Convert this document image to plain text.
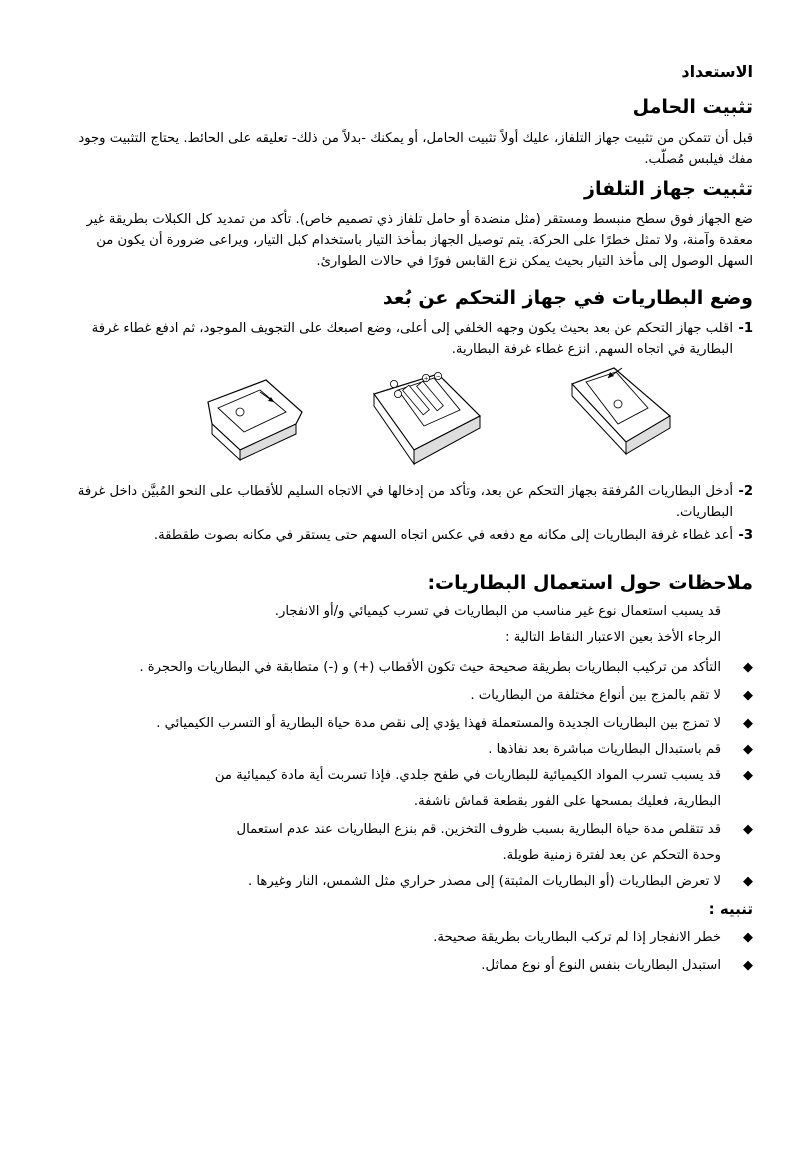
الاستعداد
تثبيت الحامل
قبل أن تتمكن من تثبيت جهاز التلفاز، عليك أولاً تثبيت الحامل، أو يمكنك -بدلاً من ذلك- تعليقه على الحائط. يحتاج التثبيت وجود مفك فيلبس مُصلّب.
تثبيت جهاز التلفاز
ضع الجهاز فوق سطح منبسط ومستقر (مثل منضدة أو حامل تلفاز ذي تصميم خاص). تأكد من تمديد كل الكبلات بطريقة غير
معقدة وآمنة، ولا تمثل خطرًا على الحركة. يتم توصيل الجهاز بمأخذ التيار باستخدام كبل التيار، ويراعى ضرورة أن يكون من
السهل الوصول إلى مأخذ التيار بحيث يمكن نزع القابس فورًا في حالات الطوارئ.
وضع البطاريات في جهاز التحكم عن بُعد
1-
اقلب جهاز التحكم عن بعد بحيث يكون وجهه الخلفي إلى أعلى، وضع اصبعك على التجويف الموجود، ثم ادفع غطاء غرفة
البطارية في اتجاه السهم. انزع غطاء غرفة البطارية.
+ −
2-
أدخل البطاريات المُرفقة بجهاز التحكم عن بعد، وتأكد من إدخالها في الاتجاه السليم للأقطاب على النحو المُبيَّن داخل غرفة
البطاريات.
3-
أعد غطاء غرفة البطاريات إلى مكانه مع دفعه في عكس اتجاه السهم حتى يستقر في مكانه بصوت طقطقة.
ملاحظات حول استعمال البطاريات:
قد يسبب استعمال نوع غير مناسب من البطاريات في تسرب كيميائي و/أو الانفجار.
الرجاء الأخذ بعين الاعتبار النقاط التالية :
◆
التأكد من تركيب البطاريات بطريقة صحيحة حيث تكون الأقطاب (+) و (-) متطابقة في البطاريات والحجرة .
◆
لا تقم بالمزج بين أنواع مختلفة من البطاريات .
◆
لا تمزج بين البطاريات الجديدة والمستعملة فهذا يؤدي إلى نقص مدة حياة البطارية أو التسرب الكيميائي .
◆
قم باستبدال البطاريات مباشرة بعد نفاذها .
◆
قد يسبب تسرب المواد الكيميائية للبطاريات في طفح جلدي. فإذا تسربت أية مادة كيميائية من
البطارية، فعليك بمسحها على الفور بقطعة قماش ناشفة.
◆
قد تتقلص مدة حياة البطارية بسبب ظروف التخزين. قم بنزع البطاريات عند عدم استعمال
وحدة التحكم عن بعد لفترة زمنية طويلة.
◆
لا تعرض البطاريات (أو البطاريات المثبتة) إلى مصدر حراري مثل الشمس، النار وغيرها .
تنبيه :
◆
خطر الانفجار إذا لم تركب البطاريات بطريقة صحيحة.
◆
استبدل البطاريات بنفس النوع أو نوع مماثل.
